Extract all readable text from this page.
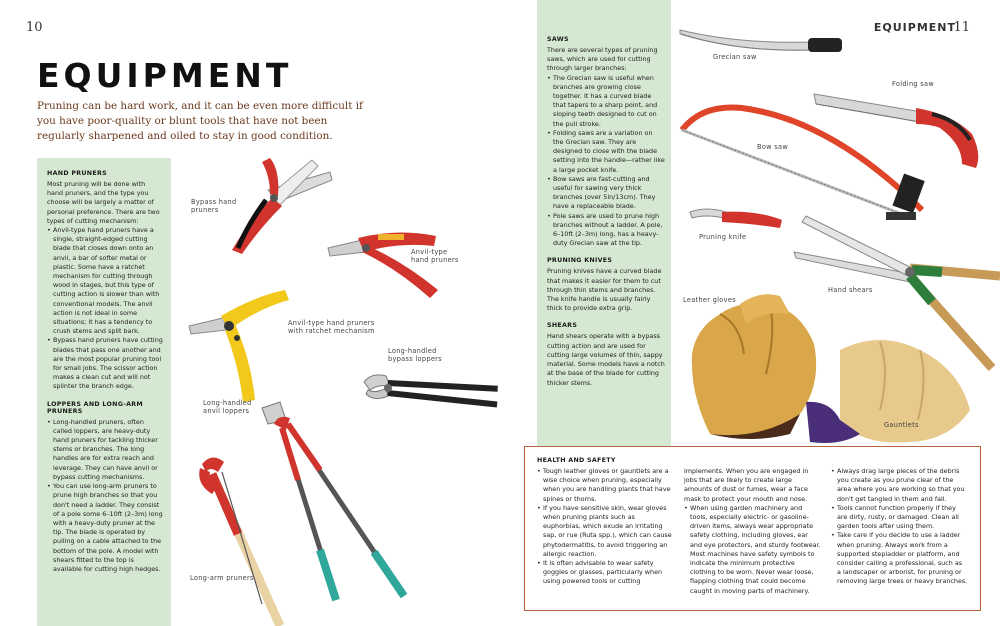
10	11
EQUIPMENT
EQUIPMENT
Pruning can be hard work, and it can be even more difficult if you have poor-quality or blunt tools that have not been regularly sharpened and oiled to stay in good condition.
HAND PRUNERS
Most pruning will be done with hand pruners, and the type you choose will be largely a matter of personal preference. There are two types of cutting mechanism:
• Anvil-type hand pruners have a single, straight-edged cutting blade that closes down onto an anvil, a bar of softer metal or plastic. Some have a ratchet mechanism for cutting through wood in stages, but this type of cutting action is slower than with conventional models. The anvil action is not ideal in some situations; it has a tendency to crush stems and split bark.
• Bypass hand pruners have cutting blades that pass one another and are the most popular pruning tool for small jobs. The scissor action makes a clean cut and will not splinter the branch edge.
LOPPERS AND LONG-ARM PRUNERS
• Long-handled pruners, often called loppers, are heavy-duty hand pruners for tackling thicker stems or branches. The long handles are for extra reach and leverage. They can have anvil or bypass cutting mechanisms.
• You can use long-arm pruners to prune high branches so that you don't need a ladder. They consist of a pole some 6–10ft (2–3m) long with a heavy-duty pruner at the tip. The blade is operated by pulling on a cable attached to the bottom of the pole. A model with shears fitted to the top is available for cutting high hedges.
SAWS
There are several types of pruning saws, which are used for cutting through larger branches:
• The Grecian saw is useful when branches are growing close together. It has a curved blade that tapers to a sharp point, and sloping teeth designed to cut on the pull stroke.
• Folding saws are a variation on the Grecian saw. They are designed to close with the blade setting into the handle—rather like a large pocket knife.
• Bow saws are fast-cutting and useful for sawing very thick branches (over 5in/13cm). They have a replaceable blade.
• Pole saws are used to prune high branches without a ladder. A pole, 6–10ft (2–3m) long, has a heavy-duty Grecian saw at the tip.
PRUNING KNIVES
Pruning knives have a curved blade that makes it easier for them to cut through thin stems and branches. The knife handle is usually fairly thick to provide extra grip.
SHEARS
Hand shears operate with a bypass cutting action and are used for cutting large volumes of thin, sappy material. Some models have a notch at the base of the blade for cutting thicker stems.
Bypass hand
pruners
Anvil-type
hand pruners
Anvil-type hand pruners
with ratchet mechanism
Long-handled
bypass loppers
Long-handled
anvil loppers
Long-arm pruners
Grecian saw
Folding saw
Bow saw
Pruning knife
Hand shears
Leather gloves
Gauntlets
HEALTH AND SAFETY
• Tough leather gloves or gauntlets are a wise choice when pruning, especially when you are handling plants that have spines or thorns.
• If you have sensitive skin, wear gloves when pruning plants such as euphorbias, which exude an irritating sap, or rue (Ruta spp.), which can cause phytodermatitis, to avoid triggering an allergic reaction.
• It is often advisable to wear safety goggles or glasses, particularly when using powered tools or cutting
implements. When you are engaged in jobs that are likely to create large amounts of dust or fumes, wear a face mask to protect your mouth and nose.
• When using garden machinery and tools, especially electric- or gasoline-driven items, always wear appropriate safety clothing, including gloves, ear and eye protectors, and sturdy footwear. Most machines have safety symbols to indicate the minimum protective clothing to be worn. Never wear loose, flapping clothing that could become caught in moving parts of machinery.
• Always drag large pieces of the debris you create as you prune clear of the area where you are working so that you don't get tangled in them and fall.
• Tools cannot function properly if they are dirty, rusty, or damaged. Clean all garden tools after using them.
• Take care if you decide to use a ladder when pruning. Always work from a supported stepladder or platform, and consider calling a professional, such as a landscaper or arborist, for pruning or removing large trees or heavy branches.
